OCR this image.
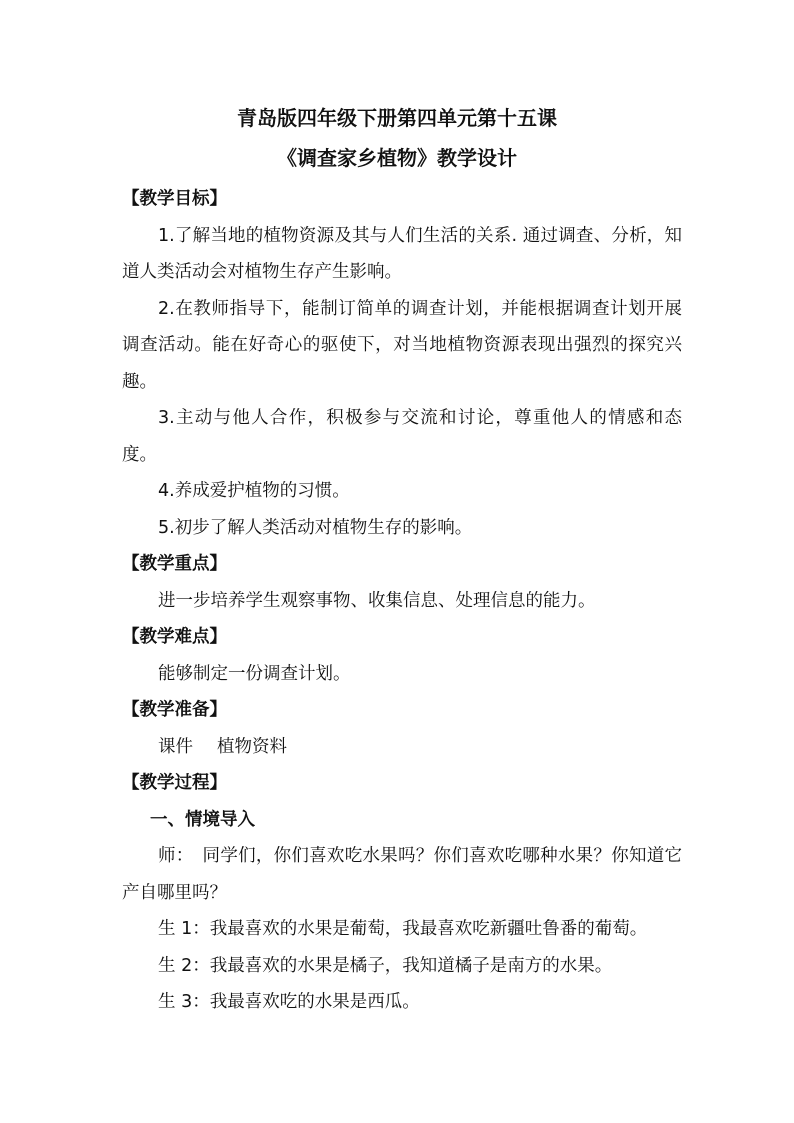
青岛版四年级下册第四单元第十五课
《调查家乡植物》教学设计

【教学目标】

1.了解当地的植物资源及其与人们生活的关系. 通过调查、分析，知道人类活动会对植物生存产生影响。

2.在教师指导下，能制订简单的调查计划，并能根据调查计划开展调查活动。能在好奇心的驱使下，对当地植物资源表现出强烈的探究兴趣。

3.主动与他人合作，积极参与交流和讨论，尊重他人的情感和态度。

4.养成爱护植物的习惯。

5.初步了解人类活动对植物生存的影响。

【教学重点】

进一步培养学生观察事物、收集信息、处理信息的能力。

【教学难点】

能够制定一份调查计划。

【教学准备】

课件 植物资料

【教学过程】

一、情境导入

师：　同学们，你们喜欢吃水果吗？你们喜欢吃哪种水果？你知道它产自哪里吗？

生 1：我最喜欢的水果是葡萄，我最喜欢吃新疆吐鲁番的葡萄。

生 2：我最喜欢的水果是橘子，我知道橘子是南方的水果。

生 3：我最喜欢吃的水果是西瓜。
